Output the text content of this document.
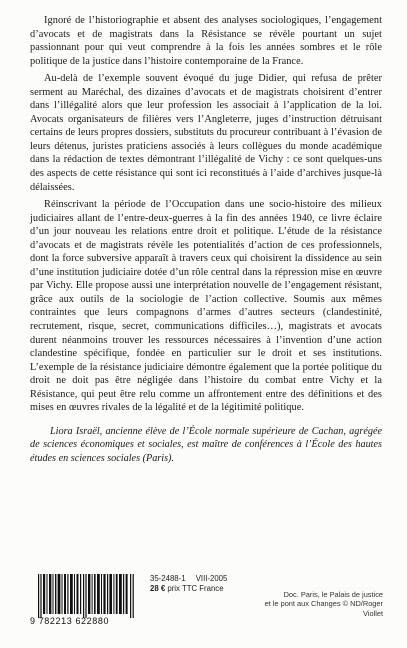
Ignoré de l’historiographie et absent des analyses sociologiques, l’engagement d’avocats et de magistrats dans la Résistance se révèle pourtant un sujet passionnant pour qui veut comprendre à la fois les années sombres et le rôle politique de la justice dans l’histoire contemporaine de la France.

Au-delà de l’exemple souvent évoqué du juge Didier, qui refusa de prêter serment au Maréchal, des dizaines d’avocats et de magistrats choisirent d’entrer dans l’illégalité alors que leur profession les associait à l’application de la loi. Avocats organisateurs de filières vers l’Angleterre, juges d’instruction détruisant certains de leurs propres dossiers, substituts du procureur contribuant à l’évasion de leurs détenus, juristes praticiens associés à leurs collègues du monde académique dans la rédaction de textes démontrant l’illégalité de Vichy : ce sont quelques-uns des aspects de cette résistance qui sont ici reconstitués à l’aide d’archives jusque-là délaissées.

Réinscrivant la période de l’Occupation dans une socio-histoire des milieux judiciaires allant de l’entre-deux-guerres à la fin des années 1940, ce livre éclaire d’un jour nouveau les relations entre droit et politique. L’étude de la résistance d’avocats et de magistrats révèle les potentialités d’action de ces professionnels, dont la force subversive apparaît à travers ceux qui choisirent la dissidence au sein d’une institution judiciaire dotée d’un rôle central dans la répression mise en œuvre par Vichy. Elle propose aussi une interprétation nouvelle de l’engagement résistant, grâce aux outils de la sociologie de l’action collective. Soumis aux mêmes contraintes que leurs compagnons d’armes d’autres secteurs (clandestinité, recrutement, risque, secret, communications difficiles…), magistrats et avocats durent néanmoins trouver les ressources nécessaires à l’invention d’une action clandestine spécifique, fondée en particulier sur le droit et ses institutions. L’exemple de la résistance judiciaire démontre également que la portée politique du droit ne doit pas être négligée dans l’histoire du combat entre Vichy et la Résistance, qui peut être relu comme un affrontement entre des définitions et des mises en œuvres rivales de la légalité et de la légitimité politique.

Liora Israël, ancienne élève de l’École normale supérieure de Cachan, agrégée de sciences économiques et sociales, est maître de conférences à l’École des hautes études en sciences sociales (Paris).

9 782213 622880
35-2488-1 VIII-2005
28 € prix TTC France
Doc. Paris, le Palais de justice
et le pont aux Changes © ND/Roger Viollet
